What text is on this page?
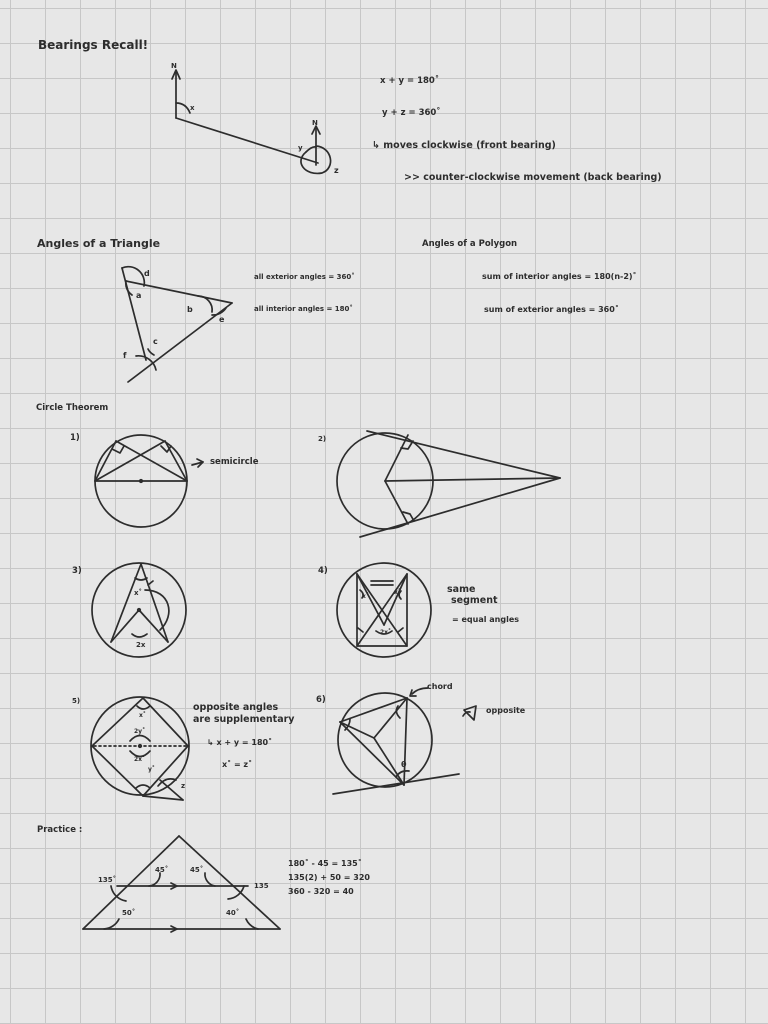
N
x
N
y
z
d
a
b
e
c
f
Bearings Recall!
x + y = 180˚
y + z = 360˚
↳ moves clockwise (front bearing)
>> counter-clockwise movement (back bearing)
Angles of a Triangle
all exterior angles = 360˚
all interior angles = 180˚
Angles of a Polygon
sum of interior angles = 180(n-2)˚
sum of exterior angles = 360˚
Circle Theorem
1)
semicircle
2)
3)
x˚
2x
4)
x˚
x˚
2x˚
same
segment
= equal angles
5)
x˚
2y˚
2x˚
y˚
z
opposite angles
are supplementary
↳ x + y = 180˚
x˚ = z˚
6)
chord
opposite
θ
Practice :
135˚
45˚	45˚
135
50˚	40˚
180˚ - 45 = 135˚
135(2) + 50 = 320
360 - 320 = 40
